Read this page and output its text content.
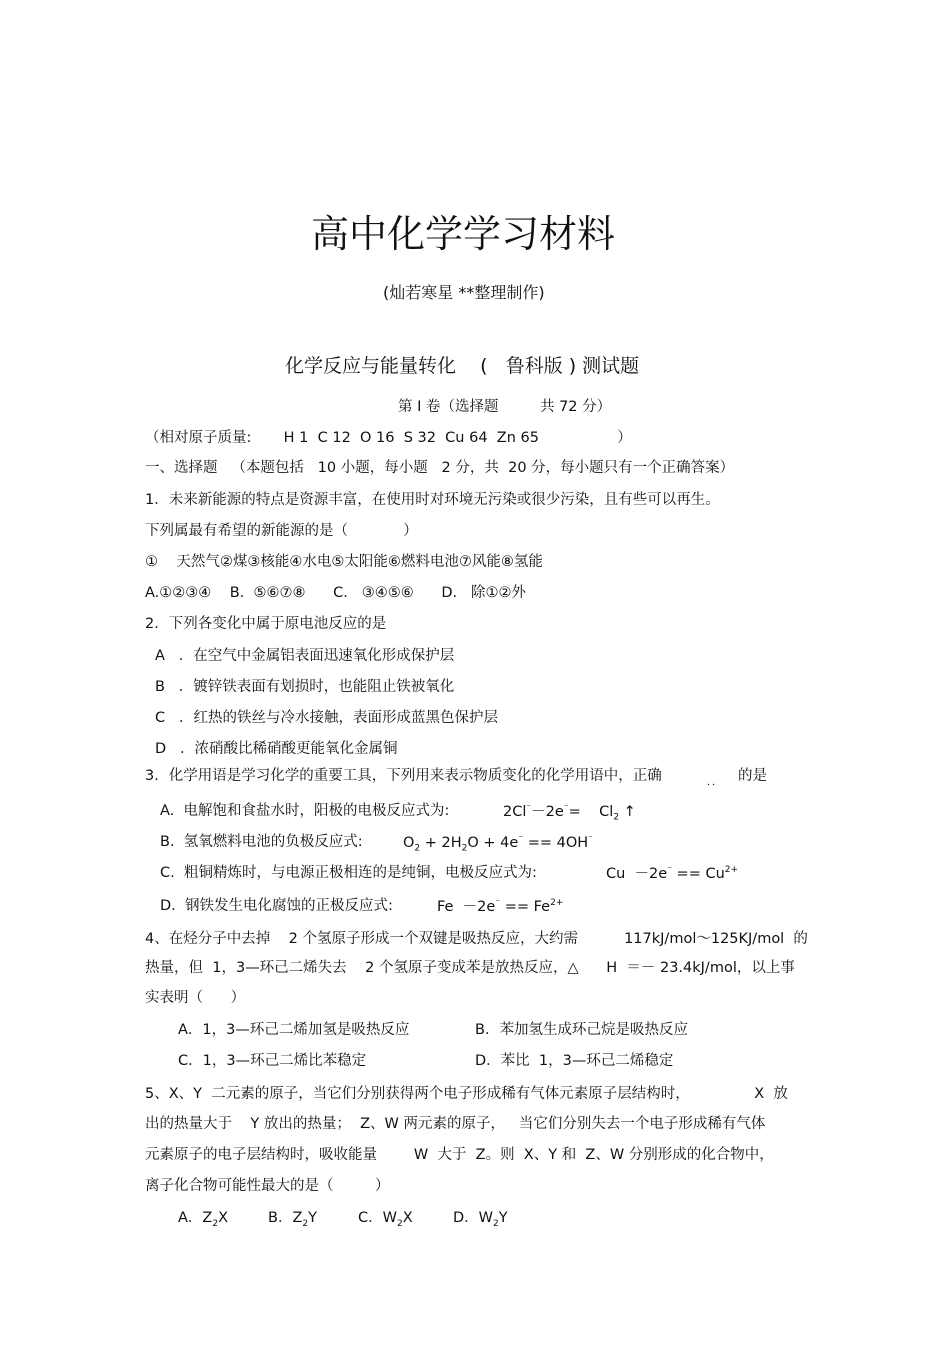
高中化学学习材料
(灿若寒星 **整理制作)
化学反应与能量转化    (   鲁科版 ) 测试题
第 I 卷（选择题         共 72 分）
（相对原子质量:       H 1  C 12  O 16  S 32  Cu 64  Zn 65                 ）
一、选择题   （本题包括   10 小题，每小题   2 分，共  20 分，每小题只有一个正确答案）
1．未来新能源的特点是资源丰富，在使用时对环境无污染或很少污染，且有些可以再生。
下列属最有希望的新能源的是（            ）
①    天然气②煤③核能④水电⑤太阳能⑥燃料电池⑦风能⑧氢能
A.①②③④    B.  ⑤⑥⑦⑧      C.   ③④⑤⑥      D.   除①②外
2．下列各变化中属于原电池反应的是
A   ．在空气中金属铝表面迅速氧化形成保护层
B   ．镀锌铁表面有划损时，也能阻止铁被氧化
C   ．红热的铁丝与冷水接触，表面形成蓝黑色保护层
D   ．浓硝酸比稀硝酸更能氧化金属铜
3．化学用语是学习化学的重要工具，下列用来表示物质变化的化学用语中，正确	．． 的是
A.  电解饱和食盐水时，阳极的电极反应式为:	2Cl⁻－2e⁻=    $Cl_2$ ↑
B.  氢氧燃料电池的负极反应式:	$O_2 + 2H_2O + 4e^{^-} == 4OH^{^-}$
C.  粗铜精炼时，与电源正极相连的是纯铜，电极反应式为:	$Cu -2e^{^-} == Cu^{2+}$
D.  钢铁发生电化腐蚀的正极反应式:	$Fe -2e^{^-} == Fe^{2+}$
4、在烃分子中去掉    2 个氢原子形成一个双键是吸热反应，大约需          117kJ/mol～125KJ/mol  的
热量，但  1，3—环己二烯失去    2 个氢原子变成苯是放热反应，△      H  ＝－ 23.4kJ/mol，以上事
实表明（      ）
A．1，3—环己二烯加氢是吸热反应	B．苯加氢生成环己烷是吸热反应
C．1，3—环己二烯比苯稳定	D．苯比  1，3—环己二烯稳定
5、X、Y  二元素的原子，当它们分别获得两个电子形成稀有气体元素原子层结构时，              X  放
出的热量大于    Y 放出的热量；  Z、W 两元素的原子，   当它们分别失去一个电子形成稀有气体
元素原子的电子层结构时，吸收能量        W  大于  Z。则  X、Y 和  Z、W 分别形成的化合物中，
离子化合物可能性最大的是（         ）
A．$Z_2X$	B．$Z_2Y$	C．$W_2X$	D．$W_2Y$
